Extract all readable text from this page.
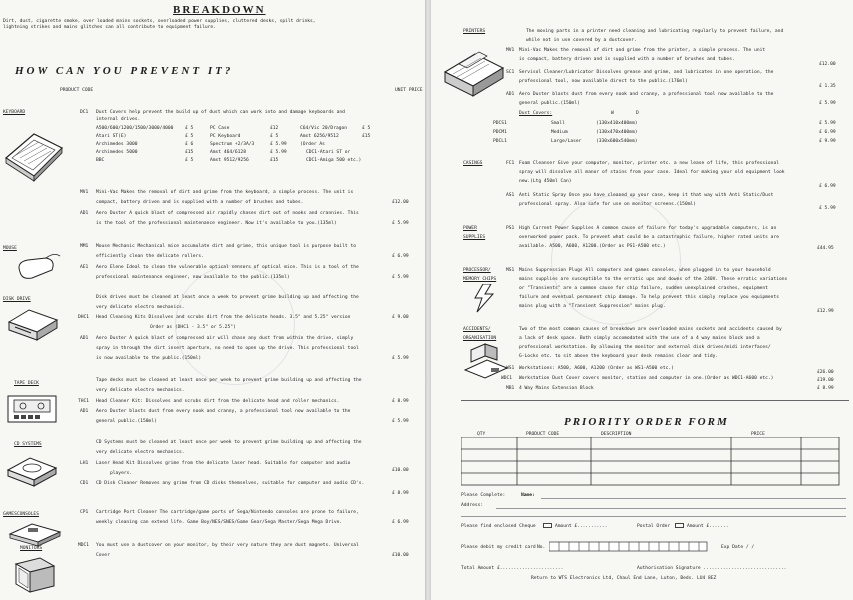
BREAKDOWN
Dirt, dust, cigarette smoke, over loaded mains sockets, overloaded power supplies, cluttered desks, spilt drinks,
lightning strikes and mains glitches can all contribute to equipment failure.
HOW CAN YOU PREVENT IT?
PRODUCT CODE	UNIT PRICE
KEYBOARD	DC1 Dust Covers help prevent the build up of dust which can work into and damage keyboards and
internal drives.
A500/600/1200/1500/3000/4000	£ 5	PC Case	£12	C64/Vic 20/Dragon	£ 5
Atari ST(E)	£ 5	PC Keyboard	£ 5	Amst 6256/9512	£15
Archimedes 3000	£ 6	Spectrum +2/3A/3	£ 5.99	(Order As
Archimedes 5000	£15	Amst 464/6128	£ 5.99	CDC1-Atari ST or
BBC	£ 5	Amst 9512/9256	£15	CDC1-Amiga 500 etc.)
MV1 Mini-Vac Makes the removal of dirt and grime from the keyboard, a simple process. The unit is
compact, battery driven and is supplied with a number of brushes and tubes.	£12.00
AD1 Aero Duster A quick blast of compressed air rapidly chases dirt out of nooks and crannies. This
is the tool of the professional maintenance engineer. Now it's available to you.(135ml)	£ 5.99
MOUSE	MM1 Mouse Mechanic Mechanical mice accumulate dirt and grime, this unique tool is purpose built to
efficiently clean the delicate rollers.	£ 6.99
AE1 Aero Elene Ideal to clean the vulnerable optical sensors of optical mice. This is a tool of the
professional maintenance engineer, now available to the public.(135ml)	£ 5.99
DISK DRIVE	Disk drives must be cleaned at least once a week to prevent grime building up and affecting the
very delicate electro mechanics.
DHC1 Head Cleaning Kits Dissolves and scrubs dirt from the delicate heads. 3.5" and 5.25" version
Order as (DHC1 - 3.5" or 5.25")
£ 9.00
AD1 Aero Duster A quick blast of compressed air will chase any dust from within the drive, simply
spray in through the dirt insert aperture, no need to open up the drive. This professional tool
is now available to the public.(150ml)	£ 5.99
TAPE DECK
Tape decks must be cleaned at least once per week to prevent grime building up and affecting the
very delicate electro mechanics.
THC1 Head Cleaner Kit: Dissolves and scrubs dirt from the delicate head and roller mechanics.	£ 8.99
AD1 Aero Duster blasts dust from every nook and cranny, a professional tool now available to the
general public.(150ml)	£ 5.99
CD SYSTEMS	CD Systems must be cleaned at least once per week to prevent grime building up and affecting the
very delicate electro mechanics.
LH1 Laser Head Kit Dissolves grime from the delicate laser head. Suitable for computer and audio
players.
£10.00
CD1 CD Disk Cleaner Removes any grime from CD disks themselves, suitable for computer and audio CD's.
£ 8.99
GAMESCONSOLES	CP1 Cartridge Port Cleaner The cartridge/game ports of Sega/Nintendo consoles are prone to failure,
weekly cleaning can extend life. Game Boy/NES/SNES/Game Gear/Sega Master/Sega Mega Drive.	£ 6.99
MONITORS
MDC1 You must use a dustcover on your monitor, by their very nature they are dust magnets. Universal
Cover	£10.00
PRINTERS	The moving parts in a printer need cleaning and lubricating regularly to prevent failure, and
while not in use covered by a dustcover.
MV1 Mini-Vac Makes the removal of dirt and grime from the printer, a simple process. The unit
is compact, battery driven and is supplied with a number of brushes and tubes.
£12.00
SC1 Servisol Cleaner/Lubricator Dissolves grease and grime, and lubricates in one operation, the
professional tool, now available direct to the public.(176ml)
£ 1.35
AD1 Aero Duster blasts dust from every nook and cranny, a professional tool now available to the
general public.(150ml)	£ 5.99
Dust Covers:	W	D
PDCS1	Small	(130x410x400mm)	£ 5.99
PDCM1	Medium	(130x470x400mm)	£ 6.99
PDCL1	Large/Laser	(330x600x540mm)	£ 9.99
CASINGS	FC1 Foam Cleanser Give your computer, monitor, printer etc. a new lease of life, this professional
spray will dissolve all manor of stains from your case. Ideal for making your old equipment look
new.(Ltg 450ml Can)
£ 6.99
AS1 Anti Static Spray Once you have cleaned up your case, keep it that way with Anti Static/Dust
professional spray. Also safe for use on monitor screens.(150ml)
£ 5.99
POWER
SUPPLIES
PS1 High Current Power Supplies A common cause of failure for today's upgradable computers, is an
overworked power pack. To prevent what could be a catastrophic failure, higher rated units are
available. A500, A600, A1200.(Order as PS1-A500 etc.)	£44.95
PROCESSOR/
MEMORY CHIPS
MS1 Mains Suppression Plugs All computers and games consoles, when plugged in to your household
mains supplies are susceptible to the erratic ups and downs of the 240V. These erratic variations
or "Transients" are a common cause for chip failure, sudden unexplained crashes, equipment
failure and eventual permanent chip damage. To help prevent this simply replace you equipments
mains plug with a "Transient Suppression" mains plug.
£12.99
ACCIDENTS/
ORGANISATION
Two of the most common causes of breakdown are overloaded mains sockets and accidents caused by
a lack of desk space. Both simply accomodated with the use of a 4 way mains block and a
professional workstation. By allowing the monitor and external disk drives/midi interfaces/
G-Locks etc. to sit above the keyboard your desk remains clear and tidy.
WS1 Workstations: A500, A600, A1200 (Order as WS1-A500 etc.)
£26.00
WDC1 Workstation Dust Cover covers monitor, station and computer in one.(Order as WDC1-A600 etc.)	£19.00
MB1 4 Way Mains Extension Block	£ 8.99
PRIORITY ORDER FORM
QTY	PRODUCT CODE	DESCRIPTION	PRICE
Please Complete:	Name:
Address:
Please find enclosed Cheque	Amount £...........	Postal Order	Amount £.......
Please debit my credit card No.	Exp Date / /
Total Amount £.......................	Authorisation Signature ..............................
Return to WTS Electronics Ltd, Chaul End Lane, Luton, Beds. LU4 8EZ
